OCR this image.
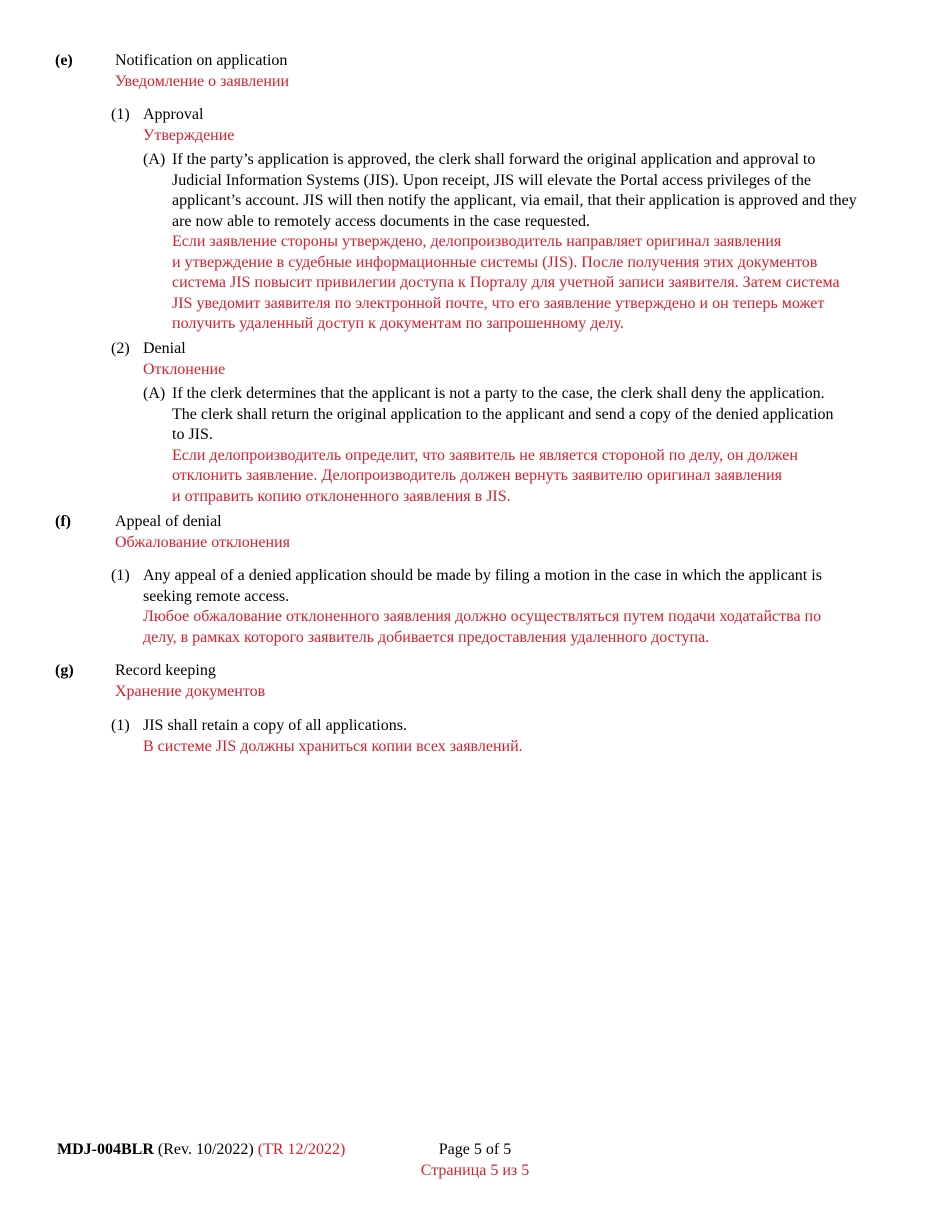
(e)	Notification on application
Уведомление о заявлении
(1) Approval
Утверждение
(A) If the party’s application is approved, the clerk shall forward the original application and approval to
Judicial Information Systems (JIS). Upon receipt, JIS will elevate the Portal access privileges of the applicant’s account. JIS will then notify the applicant, via email, that their application is approved and they are now able to remotely access documents in the case requested.
Если заявление стороны утверждено, делопроизводитель направляет оригинал заявления
и утверждение в судебные информационные системы (JIS). После получения этих документов
система JIS повысит привилегии доступа к Порталу для учетной записи заявителя. Затем система
JIS уведомит заявителя по электронной почте, что его заявление утверждено и он теперь может
получить удаленный доступ к документам по запрошенному делу.
(2) Denial
Отклонение
(A) If the clerk determines that the applicant is not a party to the case, the clerk shall deny the application.
The clerk shall return the original application to the applicant and send a copy of the denied application
to JIS.
Если делопроизводитель определит, что заявитель не является стороной по делу, он должен
отклонить заявление. Делопроизводитель должен вернуть заявителю оригинал заявления
и отправить копию отклоненного заявления в JIS.
(f)	Appeal of denial
Обжалование отклонения
(1) Any appeal of a denied application should be made by filing a motion in the case in which the applicant is
seeking remote access.
Любое обжалование отклоненного заявления должно осуществляться путем подачи ходатайства по
делу, в рамках которого заявитель добивается предоставления удаленного доступа.
(g)	Record keeping
Хранение документов
(1) JIS shall retain a copy of all applications.
В системе JIS должны храниться копии всех заявлений.
MDJ-004BLR (Rev. 10/2022) (TR 12/2022)	Page 5 of 5
Страница 5 из 5
